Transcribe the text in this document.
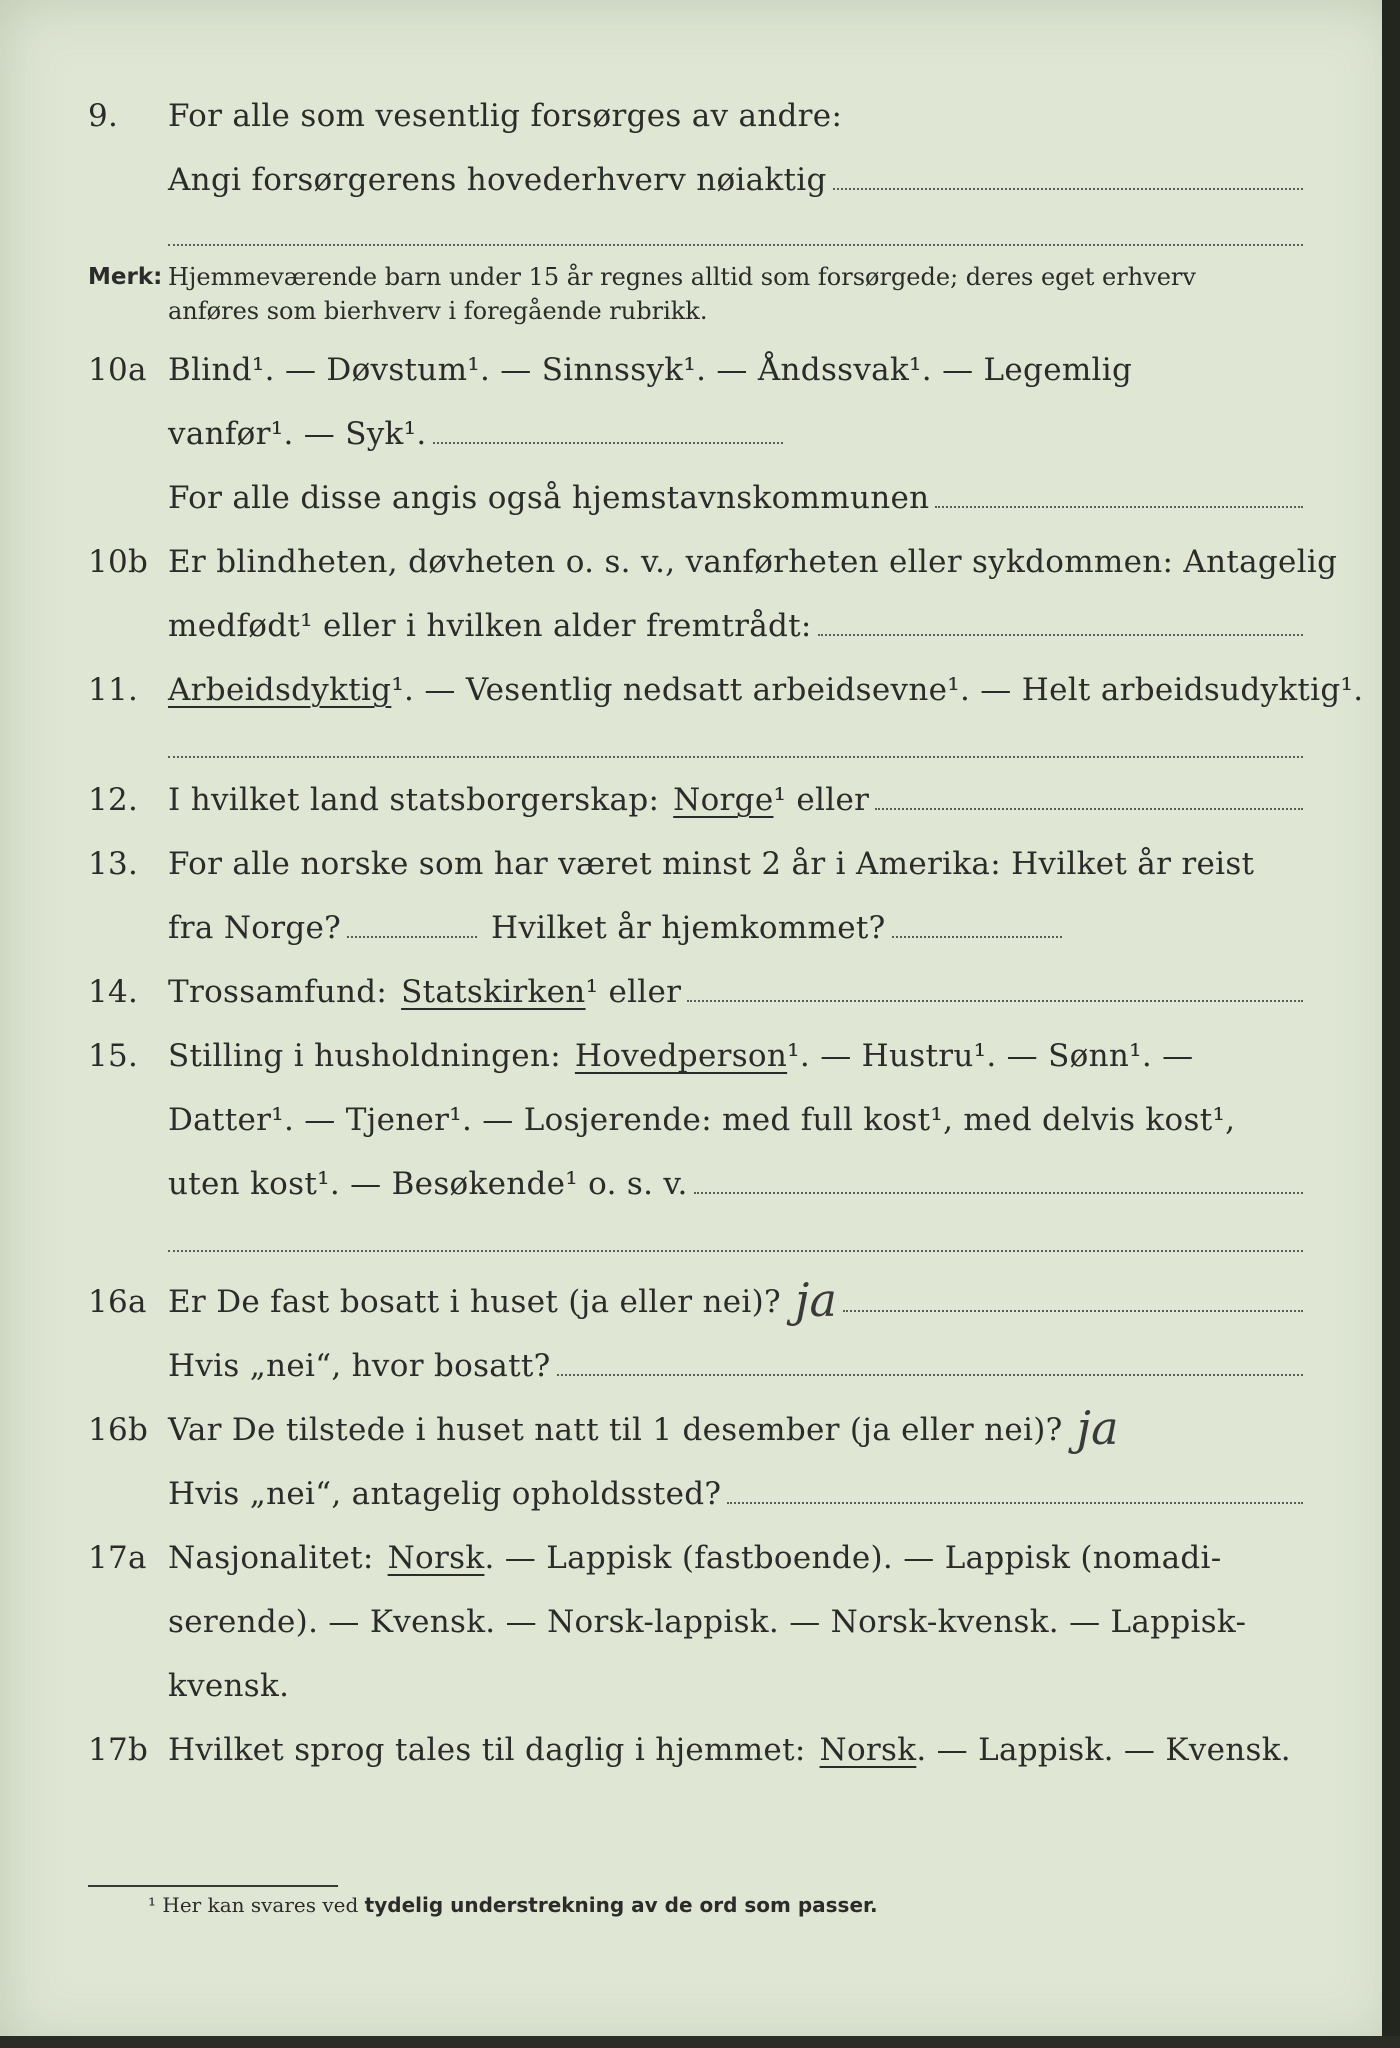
9.	For alle som vesentlig forsørges av andre:
Angi forsørgerens hovederhverv nøiaktig
Merk: Hjemmeværende barn under 15 år regnes alltid som forsørgede; deres eget erhverv
anføres som bierhverv i foregående rubrikk.
10a Blind¹. — Døvstum¹. — Sinnssyk¹. — Åndssvak¹. — Legemlig
vanfør¹. — Syk¹.
For alle disse angis også hjemstavnskommunen
10b Er blindheten, døvheten o. s. v., vanførheten eller sykdommen: Antagelig
medfødt¹ eller i hvilken alder fremtrådt:
11. Arbeidsdyktig ¹. — Vesentlig nedsatt arbeidsevne¹. — Helt arbeidsudyktig¹.
12. I hvilket land statsborgerskap: Norge ¹ eller
13. For alle norske som har været minst 2 år i Amerika: Hvilket år reist
fra Norge?	Hvilket år hjemkommet?
14. Trossamfund: Statskirken ¹ eller
15. Stilling i husholdningen: Hovedperson ¹. — Hustru¹. — Sønn¹. —
Datter¹. — Tjener¹. — Losjerende: med full kost¹, med delvis kost¹,
uten kost¹. — Besøkende¹ o. s. v.
16a Er De fast bosatt i huset (ja eller nei)? ja
Hvis „nei“, hvor bosatt?
16b Var De tilstede i huset natt til 1 desember (ja eller nei)? ja
Hvis „nei“, antagelig opholdssted?
17a Nasjonalitet: Norsk . — Lappisk (fastboende). — Lappisk (nomadi-
serende). — Kvensk. — Norsk-lappisk. — Norsk-kvensk. — Lappisk-
kvensk.
17b Hvilket sprog tales til daglig i hjemmet: Norsk . — Lappisk. — Kvensk.
¹ Her kan svares ved tydelig understrekning av de ord som passer.
